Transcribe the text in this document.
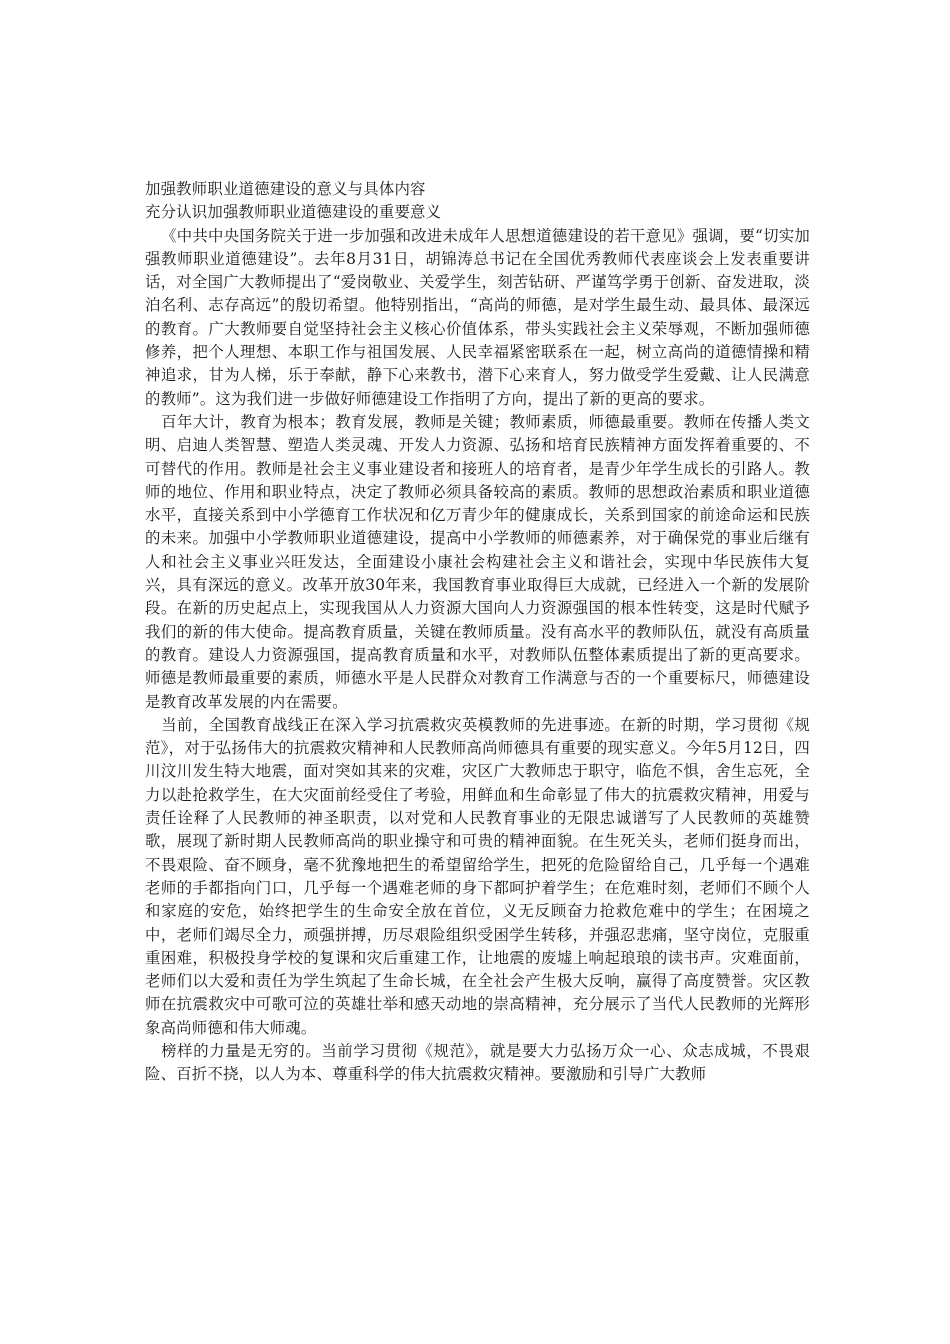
加强教师职业道德建设的意义与具体内容
充分认识加强教师职业道德建设的重要意义

《中共中央国务院关于进一步加强和改进未成年人思想道德建设的若干意见》强调，要“切实加强教师职业道德建设”。去年8月31日，胡锦涛总书记在全国优秀教师代表座谈会上发表重要讲话，对全国广大教师提出了“爱岗敬业、关爱学生，刻苦钻研、严谨笃学勇于创新、奋发进取，淡泊名利、志存高远”的殷切希望。他特别指出，“高尚的师德，是对学生最生动、最具体、最深远的教育。广大教师要自觉坚持社会主义核心价值体系，带头实践社会主义荣辱观，不断加强师德修养，把个人理想、本职工作与祖国发展、人民幸福紧密联系在一起，树立高尚的道德情操和精神追求，甘为人梯，乐于奉献，静下心来教书，潜下心来育人，努力做受学生爱戴、让人民满意的教师”。这为我们进一步做好师德建设工作指明了方向，提出了新的更高的要求。

百年大计，教育为根本；教育发展，教师是关键；教师素质，师德最重要。教师在传播人类文明、启迪人类智慧、塑造人类灵魂、开发人力资源、弘扬和培育民族精神方面发挥着重要的、不可替代的作用。教师是社会主义事业建设者和接班人的培育者，是青少年学生成长的引路人。教师的地位、作用和职业特点，决定了教师必须具备较高的素质。教师的思想政治素质和职业道德水平，直接关系到中小学德育工作状况和亿万青少年的健康成长，关系到国家的前途命运和民族的未来。加强中小学教师职业道德建设，提高中小学教师的师德素养，对于确保党的事业后继有人和社会主义事业兴旺发达，全面建设小康社会构建社会主义和谐社会，实现中华民族伟大复兴，具有深远的意义。改革开放30年来，我国教育事业取得巨大成就，已经进入一个新的发展阶段。在新的历史起点上，实现我国从人力资源大国向人力资源强国的根本性转变，这是时代赋予我们的新的伟大使命。提高教育质量，关键在教师质量。没有高水平的教师队伍，就没有高质量的教育。建设人力资源强国，提高教育质量和水平，对教师队伍整体素质提出了新的更高要求。师德是教师最重要的素质，师德水平是人民群众对教育工作满意与否的一个重要标尺，师德建设是教育改革发展的内在需要。

当前，全国教育战线正在深入学习抗震救灾英模教师的先进事迹。在新的时期，学习贯彻《规范》，对于弘扬伟大的抗震救灾精神和人民教师高尚师德具有重要的现实意义。今年5月12日，四川汶川发生特大地震，面对突如其来的灾难，灾区广大教师忠于职守，临危不惧，舍生忘死，全力以赴抢救学生，在大灾面前经受住了考验，用鲜血和生命彰显了伟大的抗震救灾精神，用爱与责任诠释了人民教师的神圣职责，以对党和人民教育事业的无限忠诚谱写了人民教师的英雄赞歌，展现了新时期人民教师高尚的职业操守和可贵的精神面貌。在生死关头，老师们挺身而出，不畏艰险、奋不顾身，毫不犹豫地把生的希望留给学生，把死的危险留给自己，几乎每一个遇难老师的手都指向门口，几乎每一个遇难老师的身下都呵护着学生；在危难时刻，老师们不顾个人和家庭的安危，始终把学生的生命安全放在首位，义无反顾奋力抢救危难中的学生；在困境之中，老师们竭尽全力，顽强拼搏，历尽艰险组织受困学生转移，并强忍悲痛，坚守岗位，克服重重困难，积极投身学校的复课和灾后重建工作，让地震的废墟上响起琅琅的读书声。灾难面前，老师们以大爱和责任为学生筑起了生命长城，在全社会产生极大反响，赢得了高度赞誉。灾区教师在抗震救灾中可歌可泣的英雄壮举和感天动地的崇高精神，充分展示了当代人民教师的光辉形象高尚师德和伟大师魂。

榜样的力量是无穷的。当前学习贯彻《规范》，就是要大力弘扬万众一心、众志成城，不畏艰险、百折不挠，以人为本、尊重科学的伟大抗震救灾精神。要激励和引导广大教师
